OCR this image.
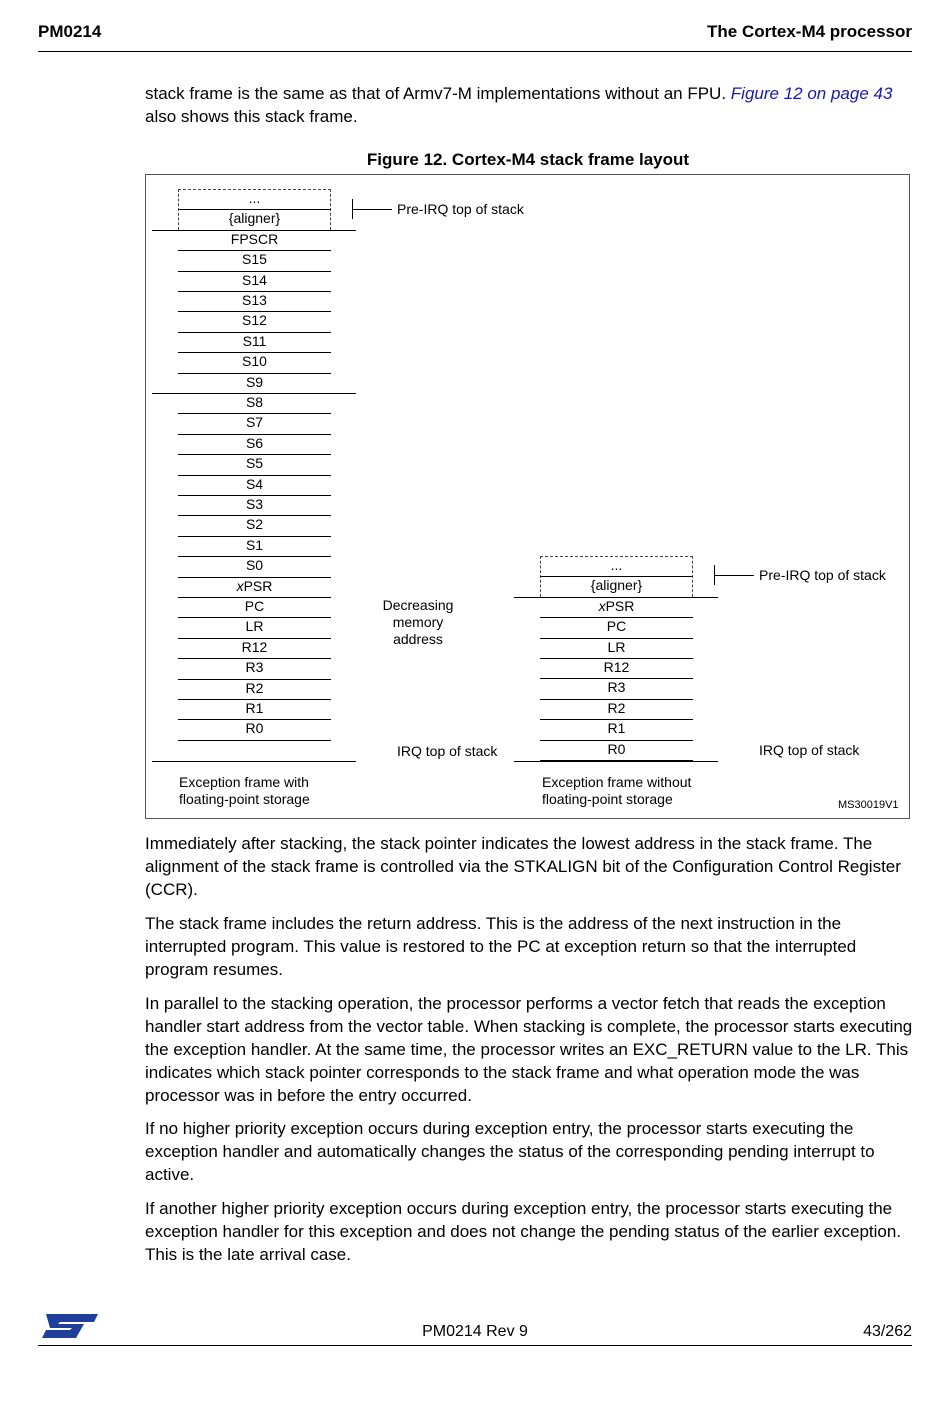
PM0214	The Cortex-M4 processor

stack frame is the same as that of Armv7-M implementations without an FPU. Figure 12 on page 43 also shows this stack frame.

Figure 12. Cortex-M4 stack frame layout
...
{aligner}
FPSCR
S15
S14
S13
S12
S11
S10
S9
S8
S7
S6
S5
S4
S3
S2
S1
S0
xPSR
PC
LR
R12
R3
R2
R1
R0
...
{aligner}
xPSR
PC
LR
R12
R3
R2
R1
R0
Pre-IRQ top of stack
Pre-IRQ top of stack
Decreasing
memory
address
IRQ top of stack	IRQ top of stack
Exception frame with
floating-point storage
Exception frame without
floating-point storage	MS30019V1

Immediately after stacking, the stack pointer indicates the lowest address in the stack frame. The alignment of the stack frame is controlled via the STKALIGN bit of the Configuration Control Register (CCR).

The stack frame includes the return address. This is the address of the next instruction in the interrupted program. This value is restored to the PC at exception return so that the interrupted program resumes.

In parallel to the stacking operation, the processor performs a vector fetch that reads the exception handler start address from the vector table. When stacking is complete, the processor starts executing the exception handler. At the same time, the processor writes an EXC_RETURN value to the LR. This indicates which stack pointer corresponds to the stack frame and what operation mode the was processor was in before the entry occurred.

If no higher priority exception occurs during exception entry, the processor starts executing the exception handler and automatically changes the status of the corresponding pending interrupt to active.

If another higher priority exception occurs during exception entry, the processor starts executing the exception handler for this exception and does not change the pending status of the earlier exception. This is the late arrival case.

PM0214 Rev 9	43/262
